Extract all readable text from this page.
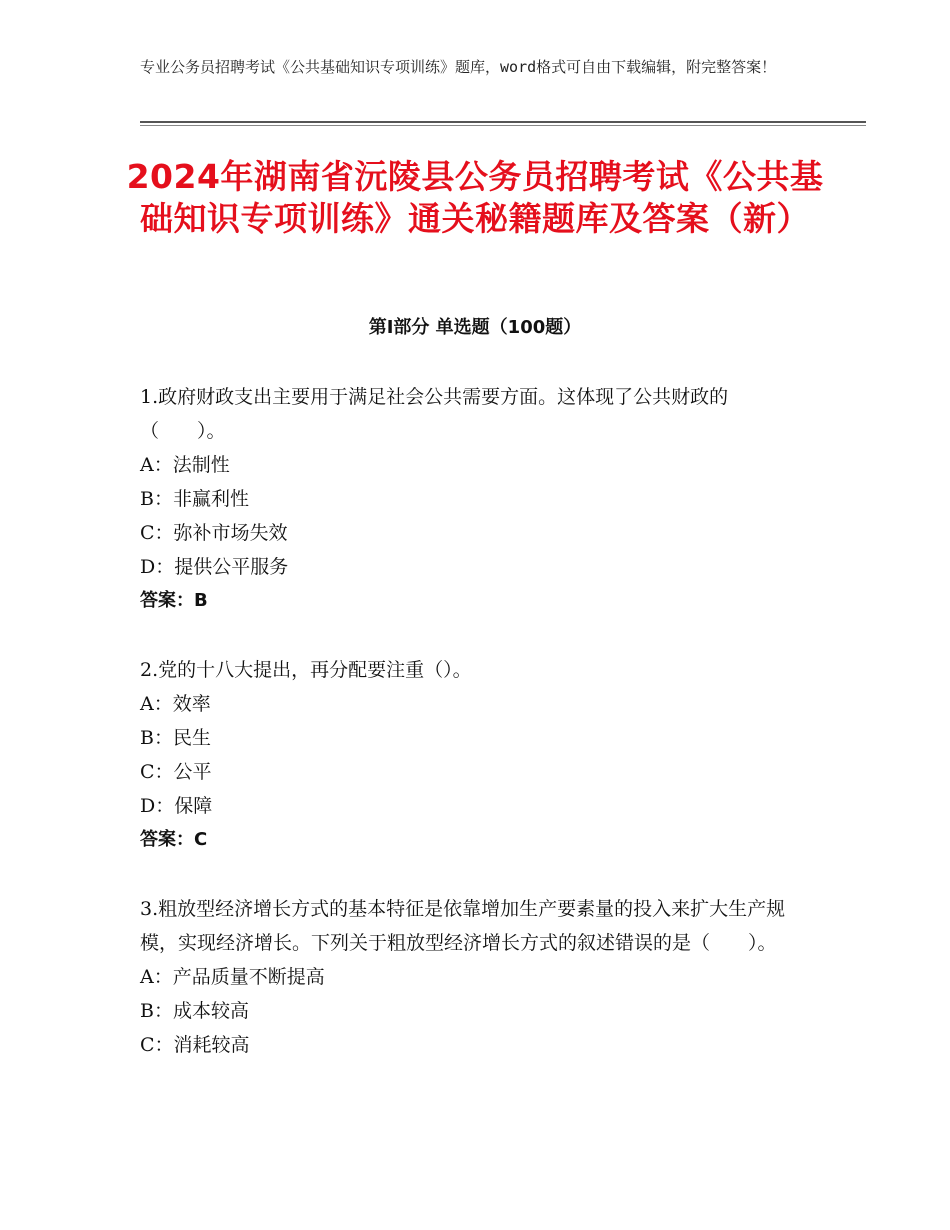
专业公务员招聘考试《公共基础知识专项训练》题库，word格式可自由下载编辑，附完整答案！
2024年湖南省沅陵县公务员招聘考试《公共基础知识专项训练》通关秘籍题库及答案（新）
第Ⅰ部分 单选题（100题）
1.政府财政支出主要用于满足社会公共需要方面。这体现了公共财政的（　　）。
A：法制性
B：非赢利性
C：弥补市场失效
D：提供公平服务
答案：B
2.党的十八大提出，再分配要注重（）。
A：效率
B：民生
C：公平
D：保障
答案：C
3.粗放型经济增长方式的基本特征是依靠增加生产要素量的投入来扩大生产规模，实现经济增长。下列关于粗放型经济增长方式的叙述错误的是（　　）。
A：产品质量不断提高
B：成本较高
C：消耗较高
